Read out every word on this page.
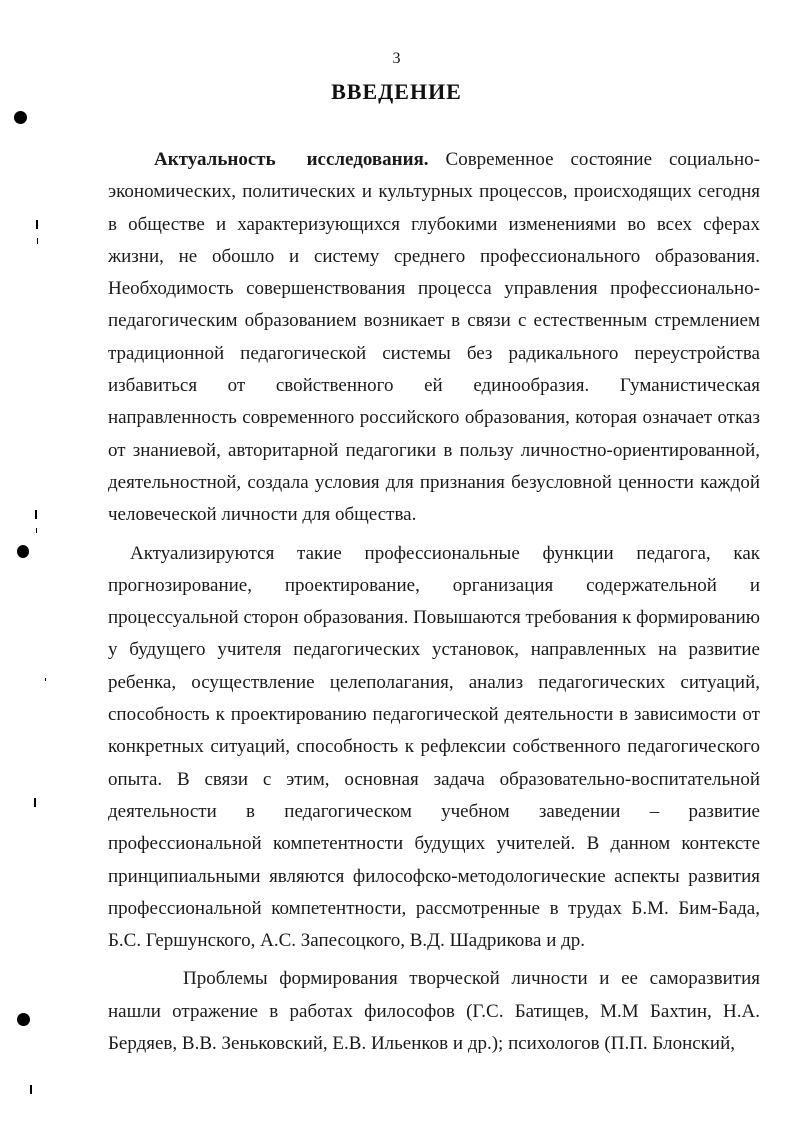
3
ВВЕДЕНИЕ

Актуальность исследования. Современное состояние социально-экономических, политических и культурных процессов, происходящих сегодня в обществе и характеризующихся глубокими изменениями во всех сферах жизни, не обошло и систему среднего профессионального образования. Необходимость совершенствования процесса управления профессионально-педагогическим образованием возникает в связи с естественным стремлением традиционной педагогической системы без радикального переустройства избавиться от свойственного ей единообразия. Гуманистическая направленность современного российского образования, которая означает отказ от знаниевой, авторитарной педагогики в пользу личностно-ориентированной, деятельностной, создала условия для признания безусловной ценности каждой человеческой личности для общества.

Актуализируются такие профессиональные функции педагога, как прогнозирование, проектирование, организация содержательной и процессуальной сторон образования. Повышаются требования к формированию у будущего учителя педагогических установок, направленных на развитие ребенка, осуществление целеполагания, анализ педагогических ситуаций, способность к проектированию педагогической деятельности в зависимости от конкретных ситуаций, способность к рефлексии собственного педагогического опыта. В связи с этим, основная задача образовательно-воспитательной деятельности в педагогическом учебном заведении – развитие профессиональной компетентности будущих учителей. В данном контексте принципиальными являются философско-методологические аспекты развития профессиональной компетентности, рассмотренные в трудах Б.М. Бим-Бада, Б.С. Гершунского, А.С. Запесоцкого, В.Д. Шадрикова и др.

Проблемы формирования творческой личности и ее саморазвития нашли отражение в работах философов (Г.С. Батищев, М.М Бахтин, Н.А. Бердяев, В.В. Зеньковский, Е.В. Ильенков и др.); психологов (П.П. Блонский,
